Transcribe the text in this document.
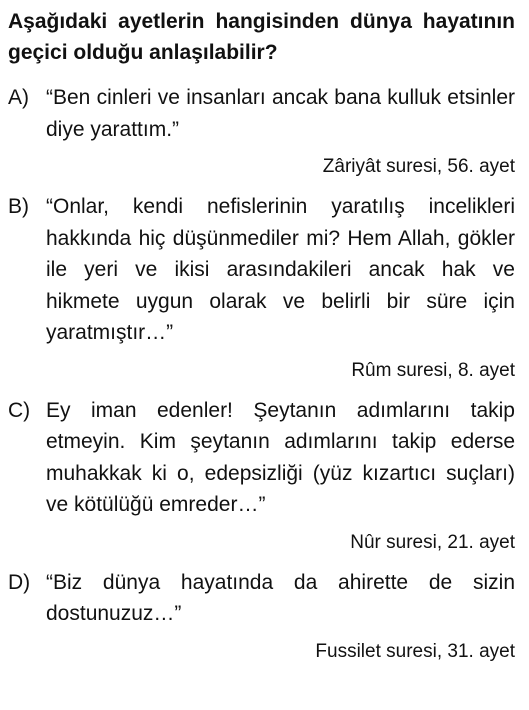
Aşağıdaki ayetlerin hangisinden dünya hayatının geçici olduğu anlaşılabilir?

A) “Ben cinleri ve insanları ancak bana kulluk etsinler diye yarattım.”

Zâriyât suresi, 56. ayet

B) “Onlar, kendi nefislerinin yaratılış incelikleri hakkında hiç düşünmediler mi? Hem Allah, gökler ile yeri ve ikisi arasındakileri ancak hak ve hikmete uygun olarak ve belirli bir süre için yaratmıştır…”

Rûm suresi, 8. ayet

C) Ey iman edenler! Şeytanın adımlarını takip etmeyin. Kim şeytanın adımlarını takip ederse muhakkak ki o, edepsizliği (yüz kızartıcı suçları) ve kötülüğü emreder…”

Nûr suresi, 21. ayet

D) “Biz dünya hayatında da ahirette de sizin dostunuzuz…”

Fussilet suresi, 31. ayet
